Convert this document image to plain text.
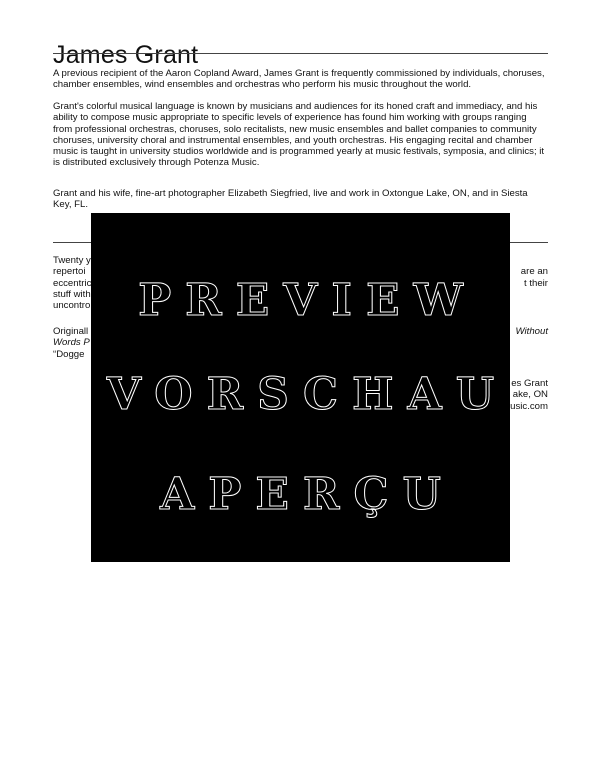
James Grant

A previous recipient of the Aaron Copland Award, James Grant is frequently commissioned by individuals, choruses, chamber ensembles, wind ensembles and orchestras who perform his music throughout the world.

Grant's colorful musical language is known by musicians and audiences for its honed craft and immediacy, and his ability to compose music appropriate to specific levels of experience has found him working with groups ranging from professional orchestras, choruses, solo recitalists, new music ensembles and ballet companies to community choruses, university choral and instrumental ensembles, and youth orchestras. His engaging recital and chamber music is taught in university studios worldwide and is programmed yearly at music festivals, symposia, and clinics; it is distributed exclusively through Potenza Music.

Grant and his wife, fine-art photographer Elizabeth Siegfried, live and work in Oxtongue Lake, ON, and in Siesta Key, FL.

Twenty y
repertoi
eccentric
stuff with
uncontro
are an
t their
Originall
Words P
“Dogge
Without
es Grant
ake, ON
usic.com
PREVIEW
VORSCHAU
APERÇU
